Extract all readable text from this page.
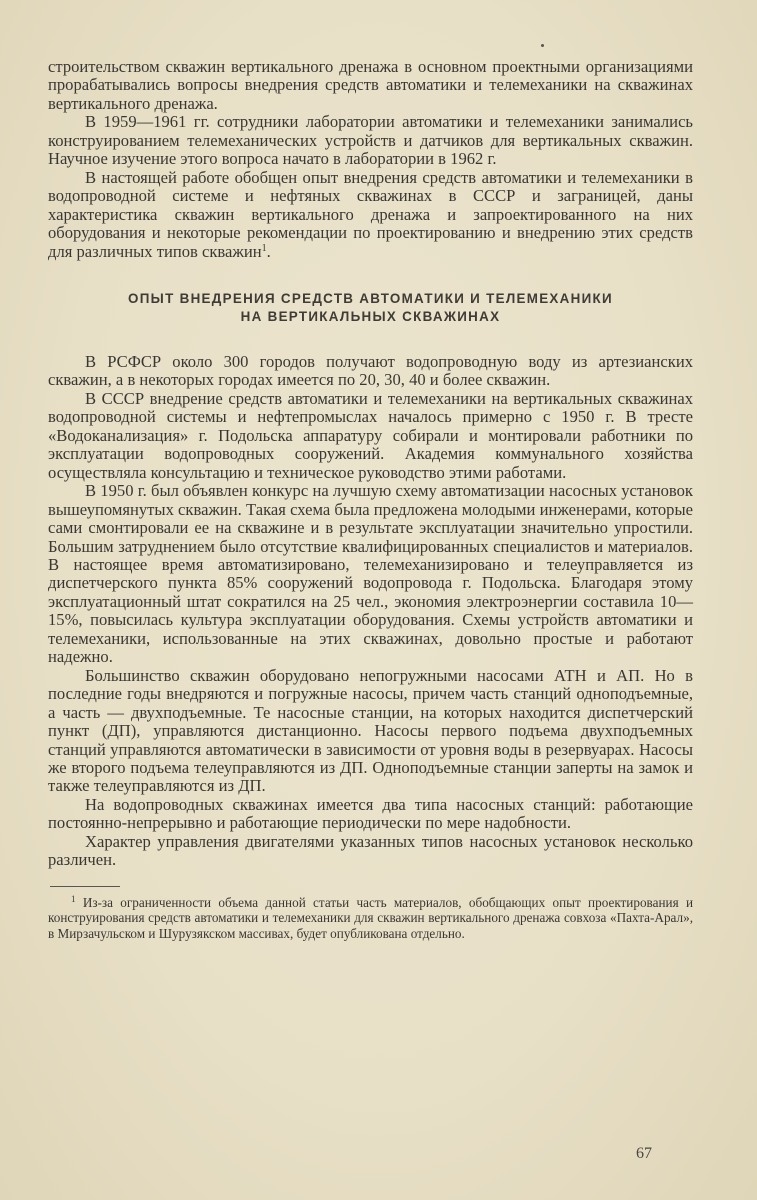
строительством скважин вертикального дренажа в основном проектными организациями прорабатывались вопросы внедрения средств автоматики и телемеханики на скважинах вертикального дренажа.

В 1959—1961 гг. сотрудники лаборатории автоматики и телемеханики занимались конструированием телемеханических устройств и датчиков для вертикальных скважин. Научное изучение этого вопроса начато в лаборатории в 1962 г.

В настоящей работе обобщен опыт внедрения средств автоматики и телемеханики в водопроводной системе и нефтяных скважинах в СССР и заграницей, даны характеристика скважин вертикального дренажа и запроектированного на них оборудования и некоторые рекомендации по проектированию и внедрению этих средств для различных типов скважин$^1$.

ОПЫТ ВНЕДРЕНИЯ СРЕДСТВ АВТОМАТИКИ И ТЕЛЕМЕХАНИКИ

НА ВЕРТИКАЛЬНЫХ СКВАЖИНАХ

В РСФСР около 300 городов получают водопроводную воду из артезианских скважин, а в некоторых городах имеется по 20, 30, 40 и более скважин.

В СССР внедрение средств автоматики и телемеханики на вертикальных скважинах водопроводной системы и нефтепромыслах началось примерно с 1950 г. В тресте «Водоканализация» г. Подольска аппаратуру собирали и монтировали работники по эксплуатации водопроводных сооружений. Академия коммунального хозяйства осуществляла консультацию и техническое руководство этими работами.

В 1950 г. был объявлен конкурс на лучшую схему автоматизации насосных установок вышеупомянутых скважин. Такая схема была предложена молодыми инженерами, которые сами смонтировали ее на скважине и в результате эксплуатации значительно упростили. Большим затруднением было отсутствие квалифицированных специалистов и материалов. В настоящее время автоматизировано, телемеханизировано и телеуправляется из диспетчерского пункта 85% сооружений водопровода г. Подольска. Благодаря этому эксплуатационный штат сократился на 25 чел., экономия электроэнергии составила 10—15%, повысилась культура эксплуатации оборудования. Схемы устройств автоматики и телемеханики, использованные на этих скважинах, довольно простые и работают надежно.

Большинство скважин оборудовано непогружными насосами АТН и АП. Но в последние годы внедряются и погружные насосы, причем часть станций одноподъемные, а часть — двухподъемные. Те насосные станции, на которых находится диспетчерский пункт (ДП), управляются дистанционно. Насосы первого подъема двухподъемных станций управляются автоматически в зависимости от уровня воды в резервуарах. Насосы же второго подъема телеуправляются из ДП. Одноподъемные станции заперты на замок и также телеуправляются из ДП.

На водопроводных скважинах имеется два типа насосных станций: работающие постоянно-непрерывно и работающие периодически по мере надобности.

Характер управления двигателями указанных типов насосных установок несколько различен.

$^1$ Из-за ограниченности объема данной статьи часть материалов, обобщающих опыт проектирования и конструирования средств автоматики и телемеханики для скважин вертикального дренажа совхоза «Пахта-Арал», в Мирзачульском и Шурузякском массивах, будет опубликована отдельно.

67
